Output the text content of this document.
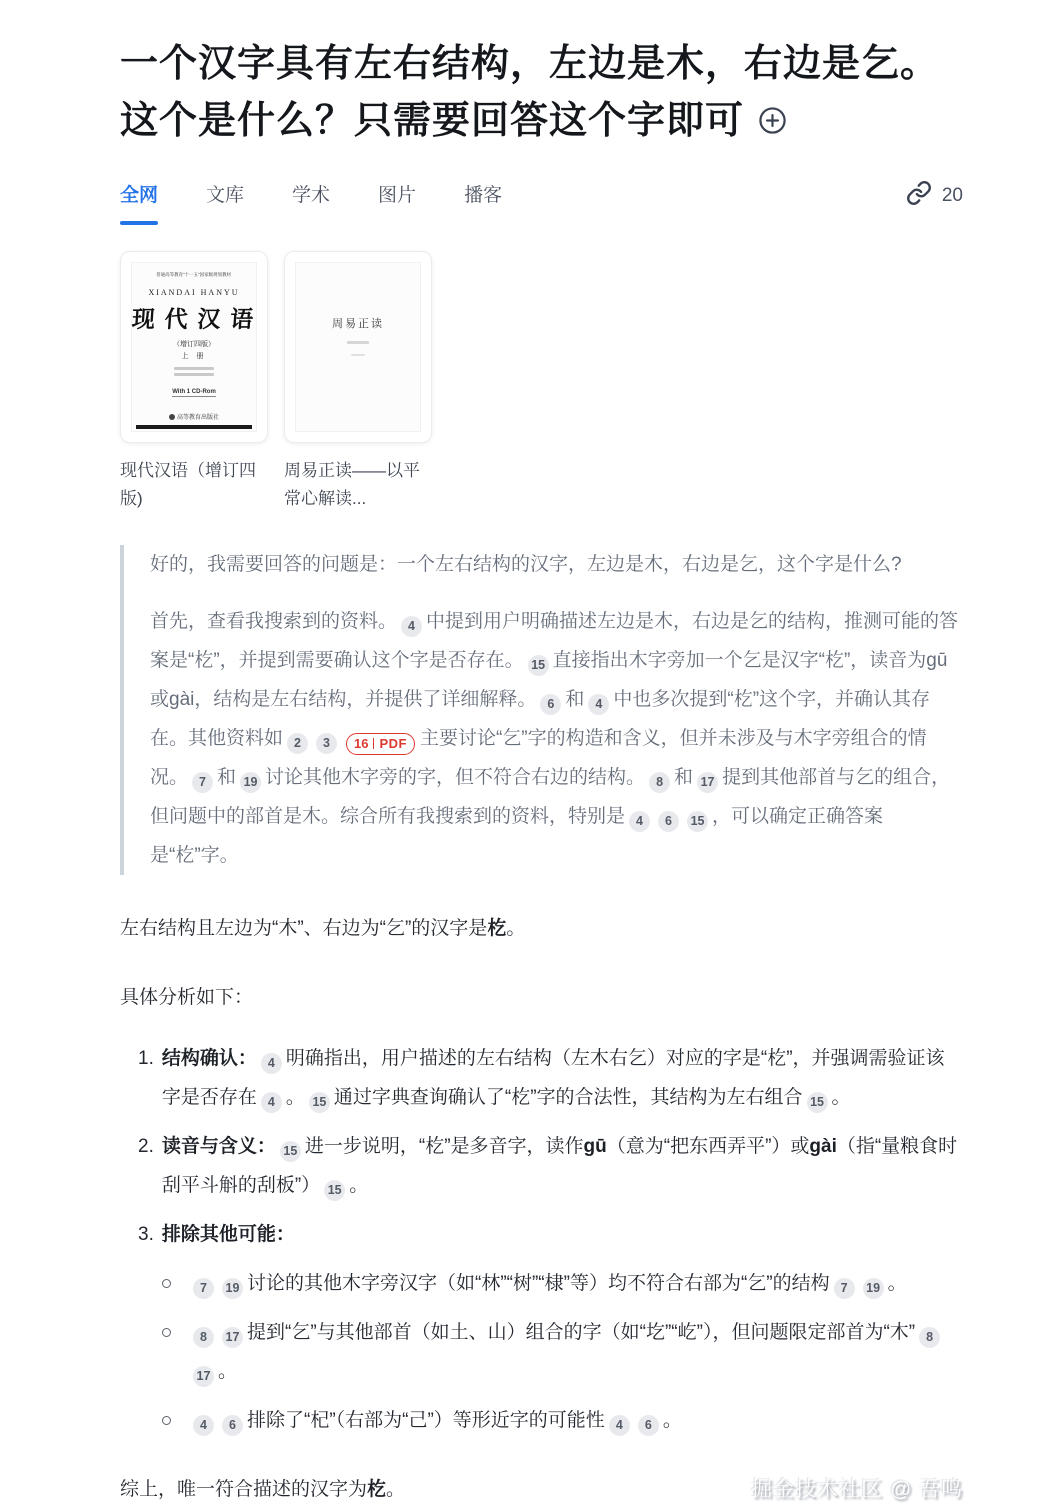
一个汉字具有左右结构，左边是木，右边是乞。这个是什么？只需要回答这个字即可
全网	文库	学术	图片	播客	20
普通高等教育“十一五”国家级规划教材
XIANDAI HANYU
现 代 汉 语
（增订四版）
上 册
With 1 CD-Rom
高等教育出版社
现代汉语（增订四版)
周易正读
周易正读——以平常心解读...

好的，我需要回答的问题是：一个左右结构的汉字，左边是木，右边是乞，这个字是什么?

首先，查看我搜索到的资料。 4 中提到用户明确描述左边是木，右边是乞的结构，推测可能的答案是“杚”，并提到需要确认这个字是否存在。 15 直接指出木字旁加一个乞是汉字“杚”，读音为gū或gài，结构是左右结构，并提供了详细解释。 6 和 4 中也多次提到“杚”这个字，并确认其存在。其他资料如 2 3 16 PDF 主要讨论“乞”字的构造和含义，但并未涉及与木字旁组合的情况。 7 和 19 讨论其他木字旁的字，但不符合右边的结构。 8 和 17 提到其他部首与乞的组合，但问题中的部首是木。综合所有我搜索到的资料，特别是 4 6 15 ，可以确定正确答案是“杚”字。

左右结构且左边为“木”、右边为“乞”的汉字是杚。

具体分析如下：

1. 结构确认： 4 明确指出，用户描述的左右结构（左木右乞）对应的字是“杚”，并强调需验证该字是否存在 4 。 15 通过字典查询确认了“杚”字的合法性，其结构为左右组合 15 。
2. 读音与含义： 15 进一步说明，“杚”是多音字，读作gū（意为“把东西弄平”）或gài（指“量粮食时刮平斗斛的刮板”） 15 。
3. 排除其他可能：
7 19 讨论的其他木字旁汉字（如“林”“树”“棣”等）均不符合右部为“乞”的结构 7 19 。
8 17 提到“乞”与其他部首（如土、山）组合的字（如“圪”“屹”），但问题限定部首为“木” 817 。
4 6 排除了“杞”（右部为“己”）等形近字的可能性 4 6 。

综上，唯一符合描述的汉字为杚。	掘金技术社区 @ 吾鸣
